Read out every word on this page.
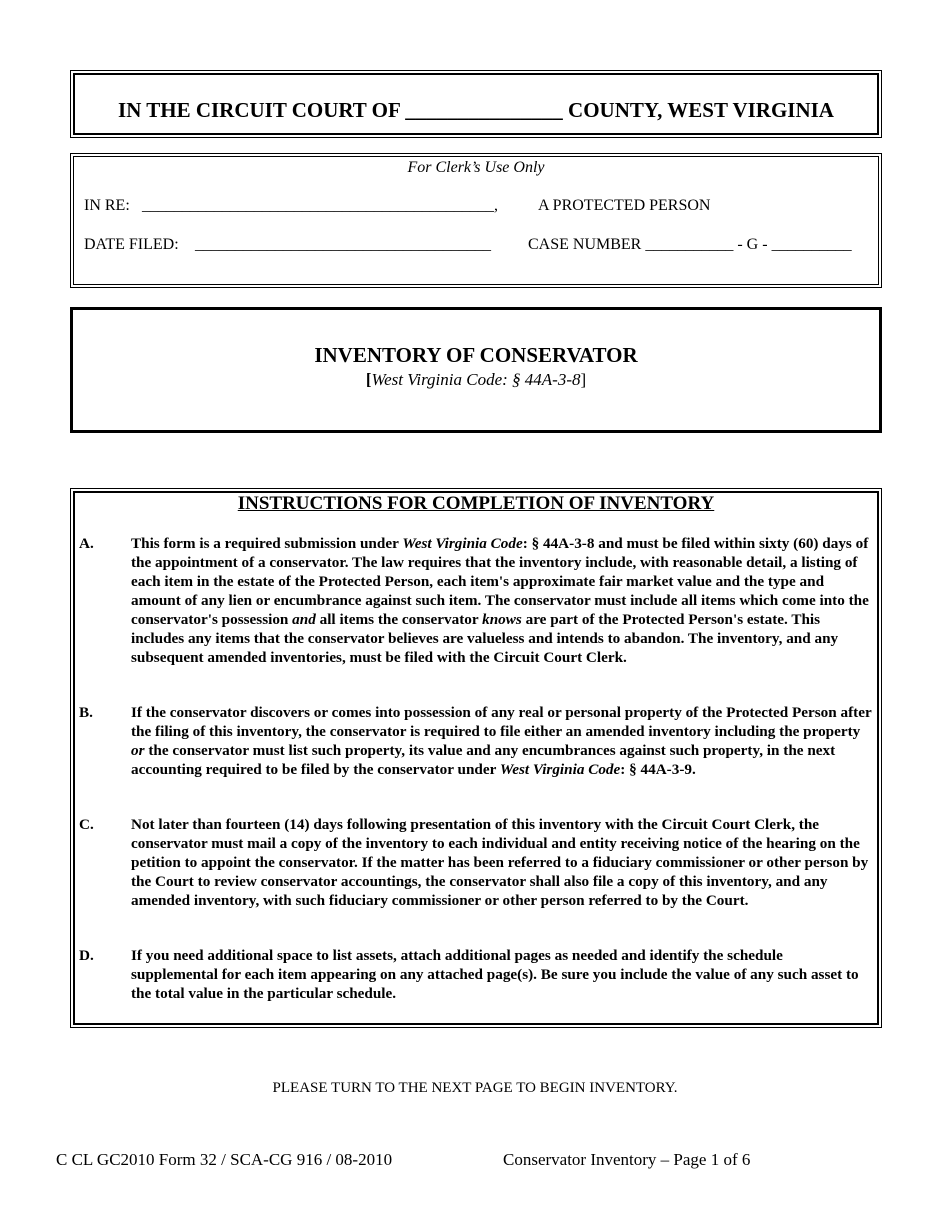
IN THE CIRCUIT COURT OF _______________ COUNTY, WEST VIRGINIA
For Clerk’s Use Only
IN RE: ____________________________________________,	A PROTECTED PERSON
DATE FILED: _____________________________________ CASE NUMBER ___________ - G - __________
INVENTORY OF CONSERVATOR
[West Virginia Code: § 44A-3-8]
INSTRUCTIONS FOR COMPLETION OF INVENTORY
A. This form is a required submission under West Virginia Code: § 44A-3-8 and must be filed within sixty (60) days of the appointment of a conservator. The law requires that the inventory include, with reasonable detail, a listing of each item in the estate of the Protected Person, each item's approximate fair market value and the type and amount of any lien or encumbrance against such item. The conservator must include all items which come into the conservator's possession and all items the conservator knows are part of the Protected Person's estate. This includes any items that the conservator believes are valueless and intends to abandon. The inventory, and any subsequent amended inventories, must be filed with the Circuit Court Clerk.
B.	If the conservator discovers or comes into possession of any real or personal property of the Protected Person after the filing of this inventory, the conservator is required to file either an amended inventory including the property or the conservator must list such property, its value and any encumbrances against such property, in the next accounting required to be filed by the conservator under West Virginia Code: § 44A-3-9.
C. Not later than fourteen (14) days following presentation of this inventory with the Circuit Court Clerk, the conservator must mail a copy of the inventory to each individual and entity receiving notice of the hearing on the petition to appoint the conservator. If the matter has been referred to a fiduciary commissioner or other person by the Court to review conservator accountings, the conservator shall also file a copy of this inventory, and any amended inventory, with such fiduciary commissioner or other person referred to by the Court.
D. If you need additional space to list assets, attach additional pages as needed and identify the schedule supplemental for each item appearing on any attached page(s). Be sure you include the value of any such asset to the total value in the particular schedule.
PLEASE TURN TO THE NEXT PAGE TO BEGIN INVENTORY.
C CL GC2010 Form 32 / SCA-CG 916 / 08-2010	Conservator Inventory – Page 1 of 6
